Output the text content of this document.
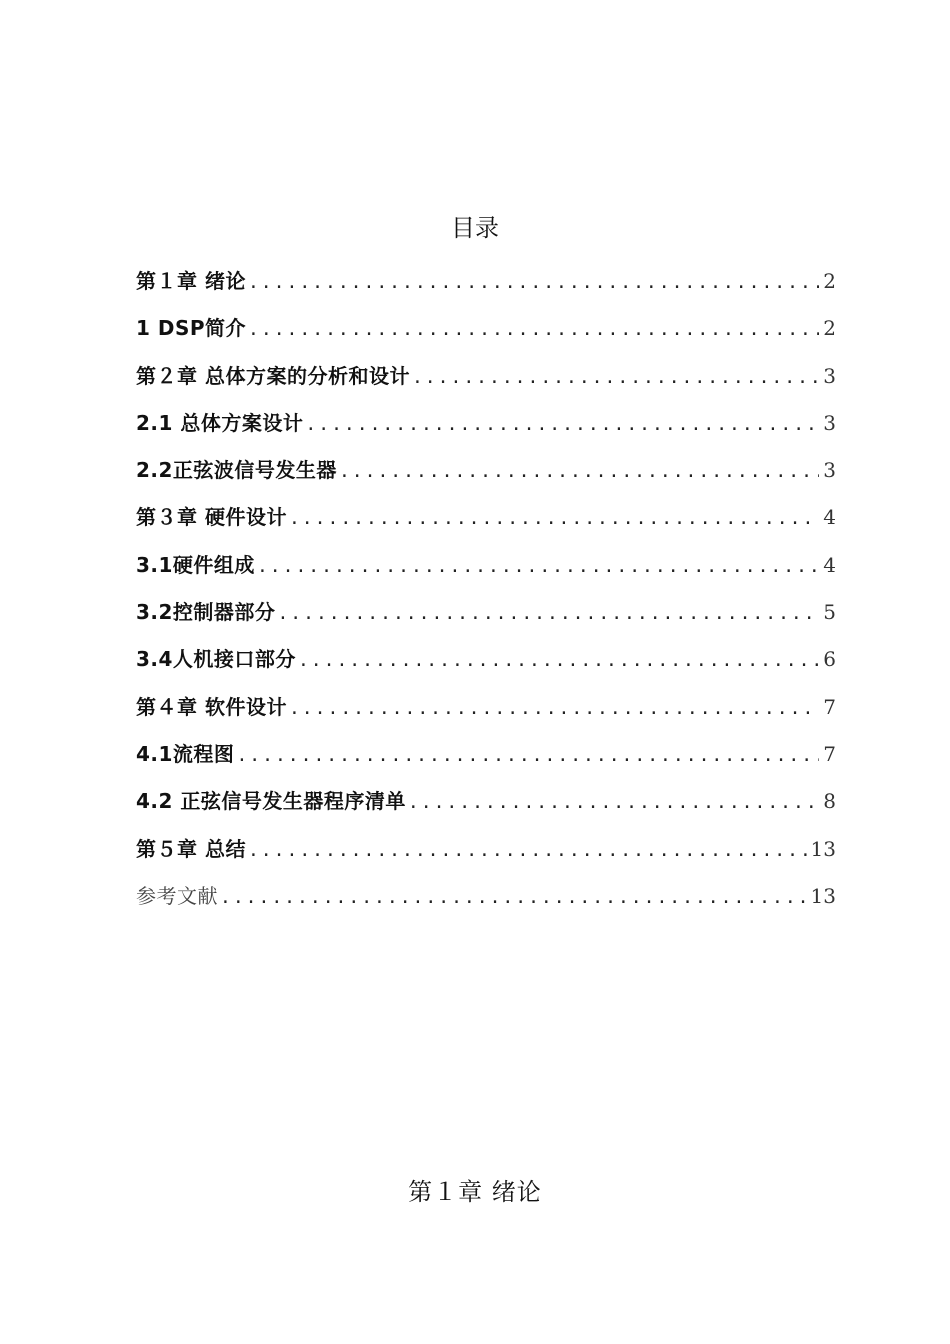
目录
第１章 绪论 .....	2
1 DSP简介 .....	2
第２章 总体方案的分析和设计 .....	3
2.1 总体方案设计 .....	3
2.2正弦波信号发生器 .....	3
第３章 硬件设计 .....	4
3.1硬件组成 .....	4
3.2控制器部分 .....	5
3.4人机接口部分 .....	6
第４章 软件设计 .....	7
4.1流程图 .....	7
4.2 正弦信号发生器程序清单 .....	8
第５章 总结 .....	13
参考文献 .....	13
第１章 绪论
